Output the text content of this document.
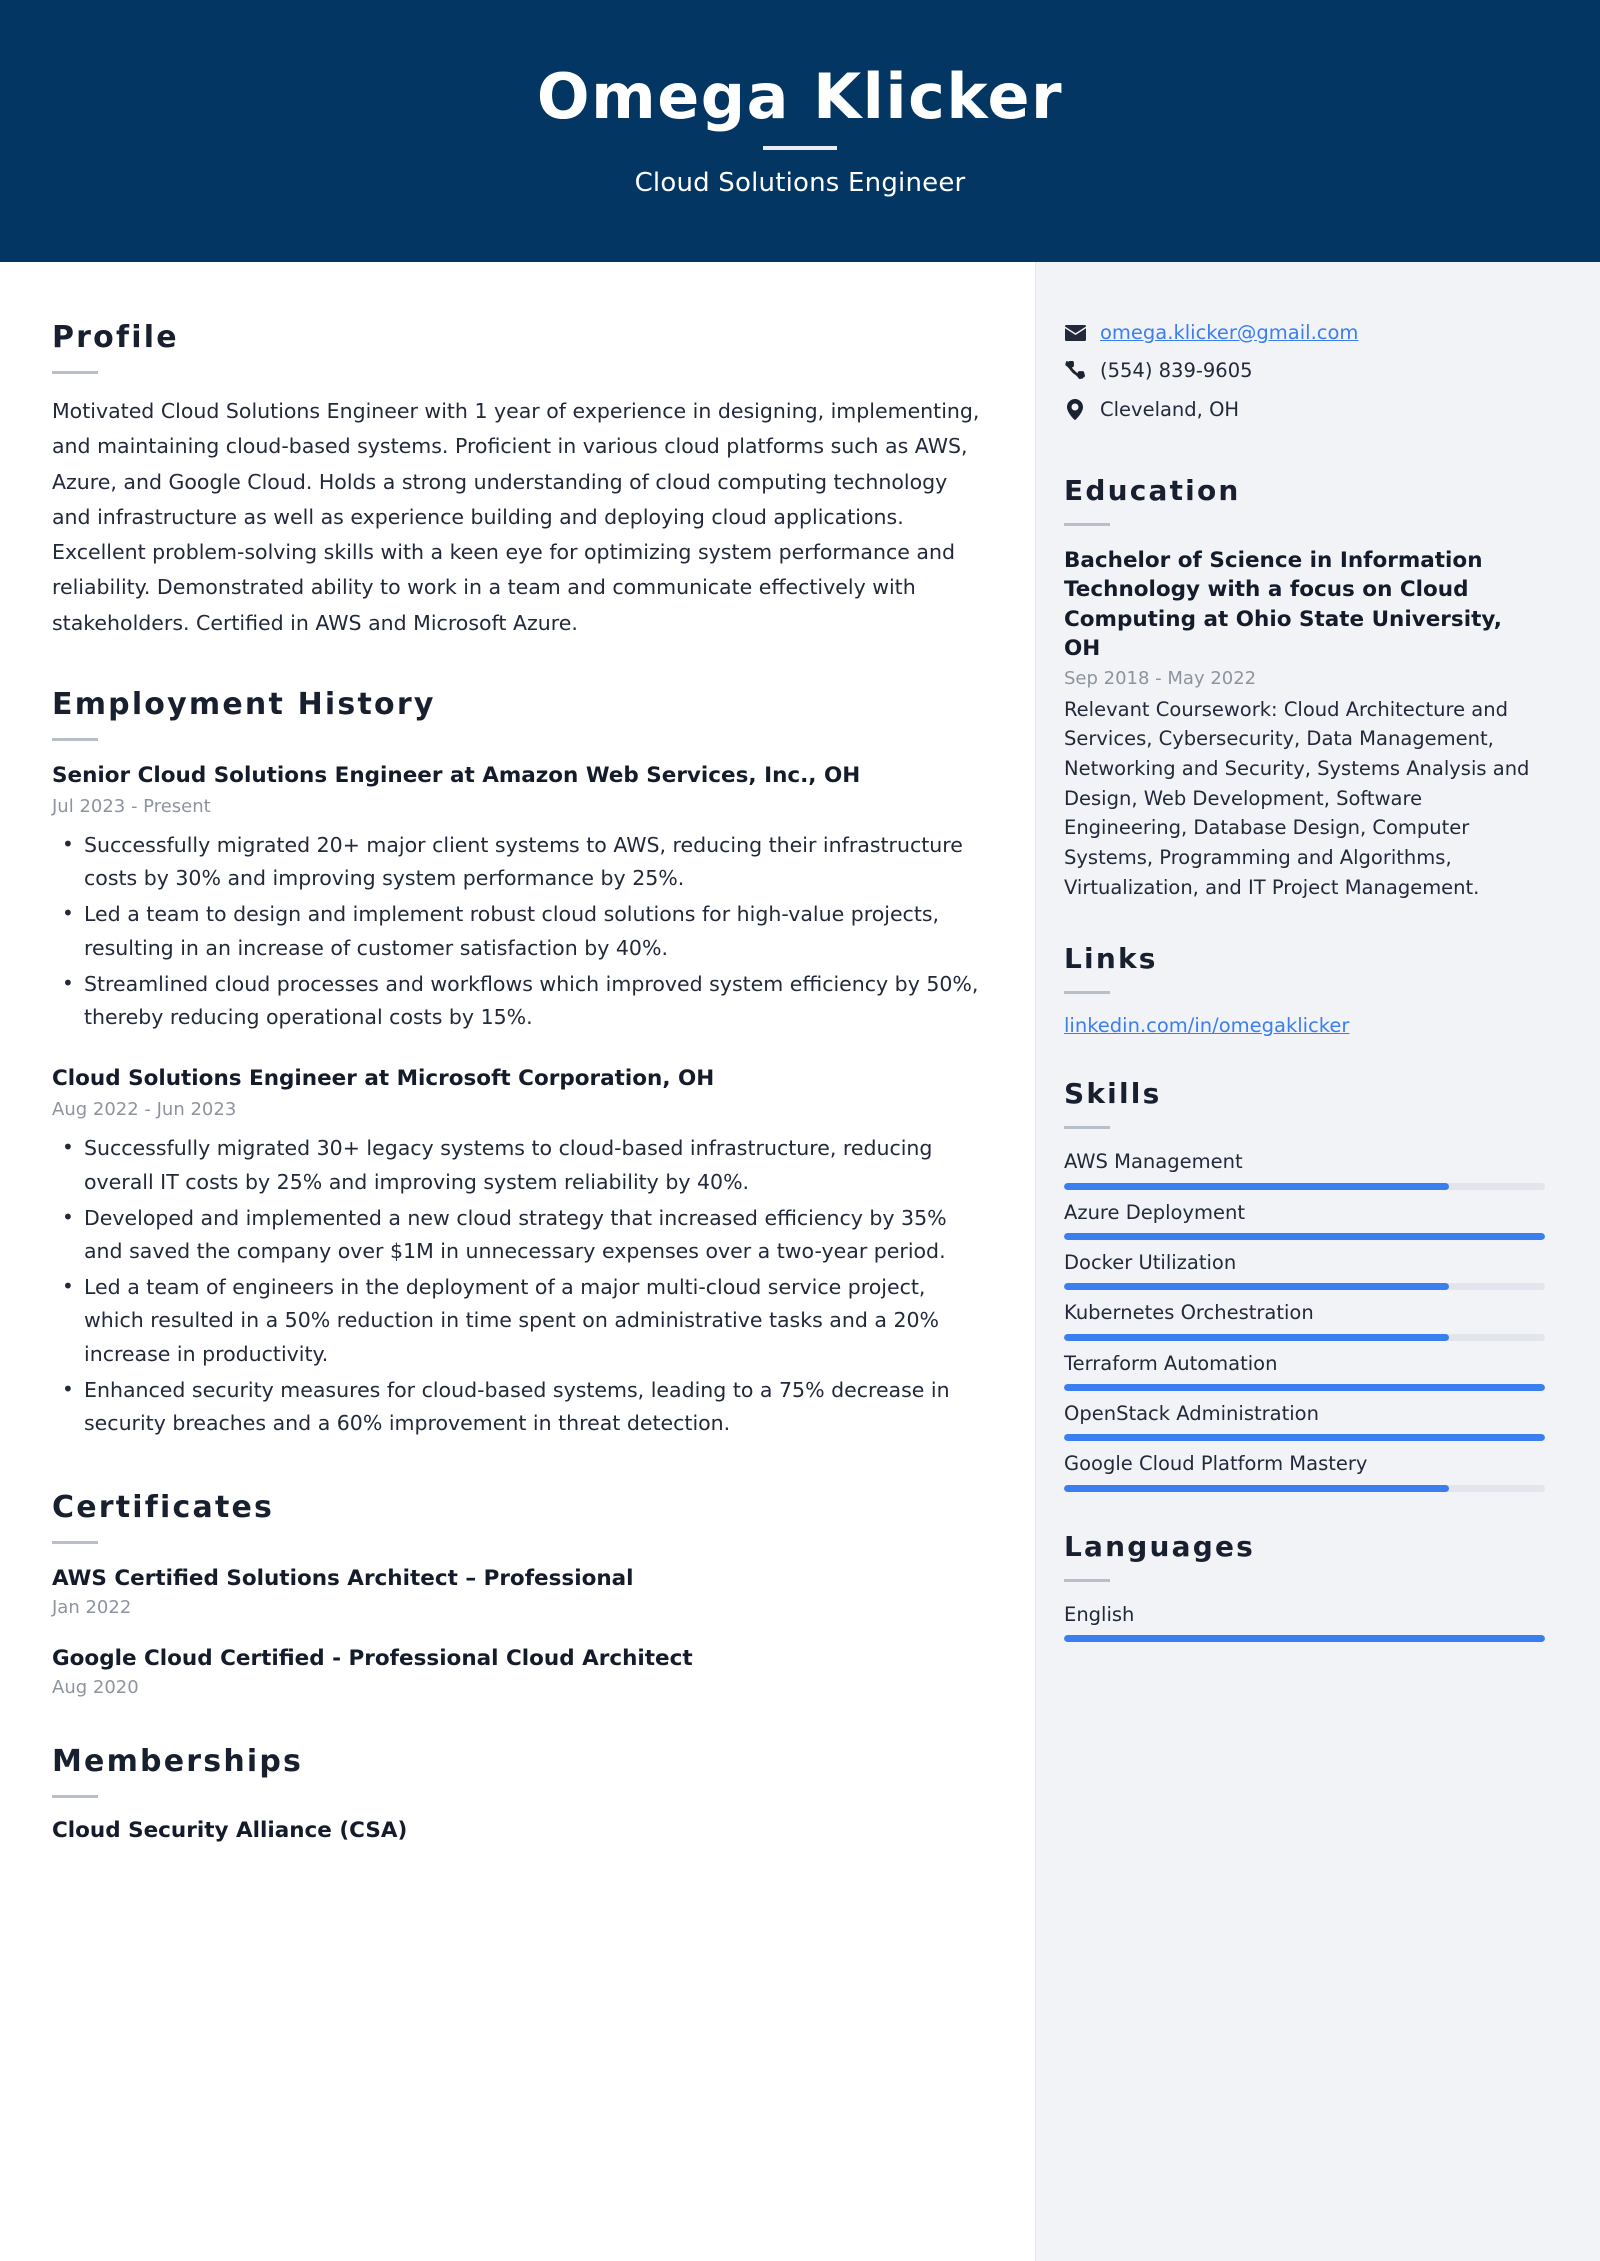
Omega Klicker
Cloud Solutions Engineer
Profile
Motivated Cloud Solutions Engineer with 1 year of experience in designing, implementing, and maintaining cloud-based systems. Proficient in various cloud platforms such as AWS, Azure, and Google Cloud. Holds a strong understanding of cloud computing technology and infrastructure as well as experience building and deploying cloud applications. Excellent problem-solving skills with a keen eye for optimizing system performance and reliability. Demonstrated ability to work in a team and communicate effectively with stakeholders. Certified in AWS and Microsoft Azure.
Employment History
Senior Cloud Solutions Engineer at Amazon Web Services, Inc., OH
Jul 2023 - Present
• Successfully migrated 20+ major client systems to AWS, reducing their infrastructure costs by 30% and improving system performance by 25%.
• Led a team to design and implement robust cloud solutions for high-value projects, resulting in an increase of customer satisfaction by 40%.
• Streamlined cloud processes and workflows which improved system efficiency by 50%, thereby reducing operational costs by 15%.
Cloud Solutions Engineer at Microsoft Corporation, OH
Aug 2022 - Jun 2023
• Successfully migrated 30+ legacy systems to cloud-based infrastructure, reducing overall IT costs by 25% and improving system reliability by 40%.
• Developed and implemented a new cloud strategy that increased efficiency by 35% and saved the company over $1M in unnecessary expenses over a two-year period.
• Led a team of engineers in the deployment of a major multi-cloud service project, which resulted in a 50% reduction in time spent on administrative tasks and a 20% increase in productivity.
• Enhanced security measures for cloud-based systems, leading to a 75% decrease in security breaches and a 60% improvement in threat detection.
Certificates
AWS Certified Solutions Architect – Professional
Jan 2022
Google Cloud Certified - Professional Cloud Architect
Aug 2020
Memberships
Cloud Security Alliance (CSA)
omega.klicker@gmail.com
(554) 839-9605
Cleveland, OH
Education
Bachelor of Science in Information Technology with a focus on Cloud Computing at Ohio State University, OH
Sep 2018 - May 2022
Relevant Coursework: Cloud Architecture and Services, Cybersecurity, Data Management, Networking and Security, Systems Analysis and Design, Web Development, Software Engineering, Database Design, Computer Systems, Programming and Algorithms, Virtualization, and IT Project Management.
Links
linkedin.com/in/omegaklicker
Skills
AWS Management
Azure Deployment
Docker Utilization
Kubernetes Orchestration
Terraform Automation
OpenStack Administration
Google Cloud Platform Mastery
Languages
English
